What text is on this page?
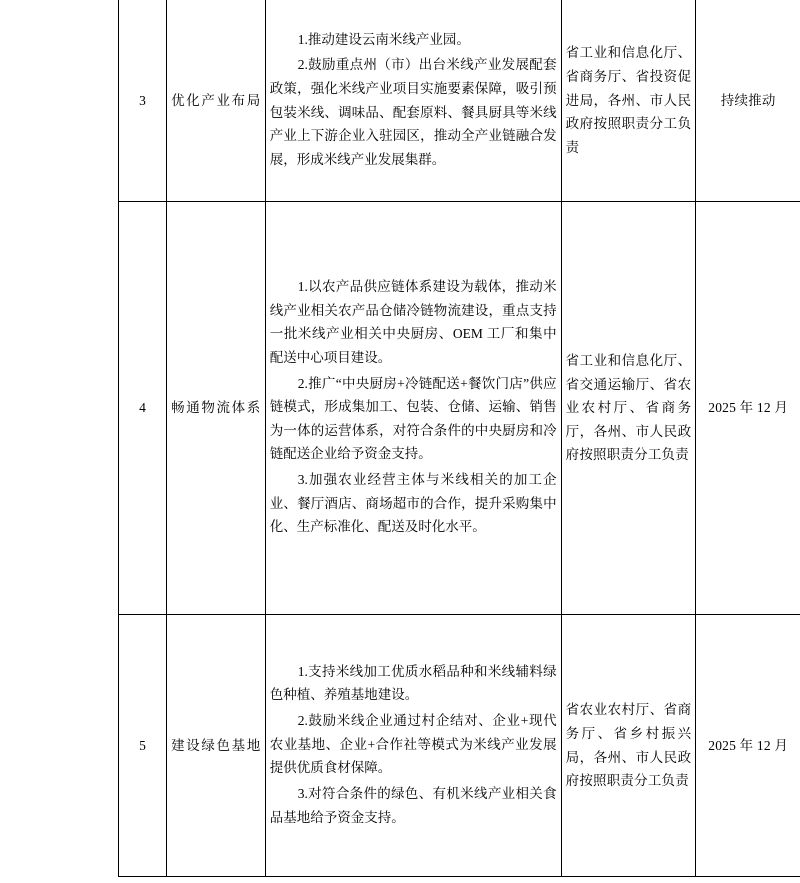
3	优化产业布局	1.推动建设云南米线产业园。

2.鼓励重点州（市）出台米线产业发展配套政策，强化米线产业项目实施要素保障，吸引预包装米线、调味品、配套原料、餐具厨具等米线产业上下游企业入驻园区，推动全产业链融合发展，形成米线产业发展集群。	省工业和信息化厅、省商务厅、省投资促进局，各州、市人民政府按照职责分工负责	持续推动
4	畅通物流体系	1.以农产品供应链体系建设为载体，推动米线产业相关农产品仓储冷链物流建设，重点支持一批米线产业相关中央厨房、OEM 工厂和集中配送中心项目建设。

2.推广“中央厨房+冷链配送+餐饮门店”供应链模式，形成集加工、包装、仓储、运输、销售为一体的运营体系，对符合条件的中央厨房和冷链配送企业给予资金支持。

3.加强农业经营主体与米线相关的加工企业、餐厅酒店、商场超市的合作，提升采购集中化、生产标准化、配送及时化水平。	省工业和信息化厅、省交通运输厅、省农业农村厅、省商务厅，各州、市人民政府按照职责分工负责	2025 年 12 月
5	建设绿色基地	1.支持米线加工优质水稻品种和米线辅料绿色种植、养殖基地建设。

2.鼓励米线企业通过村企结对、企业+现代农业基地、企业+合作社等模式为米线产业发展提供优质食材保障。

3.对符合条件的绿色、有机米线产业相关食品基地给予资金支持。	省农业农村厅、省商务厅、省乡村振兴局，各州、市人民政府按照职责分工负责	2025 年 12 月
